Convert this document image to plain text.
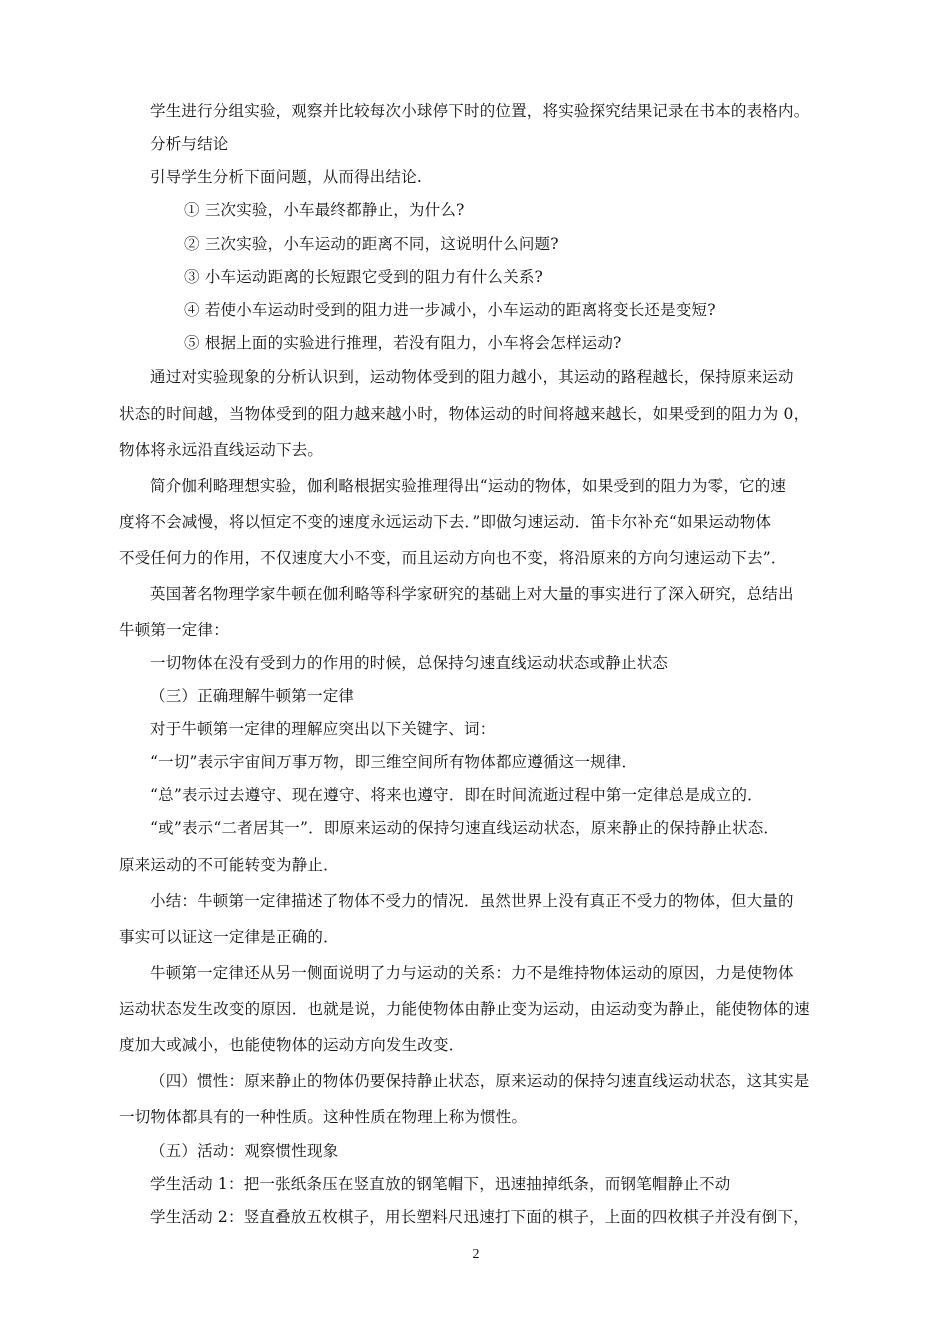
学生进行分组实验，观察并比较每次小球停下时的位置，将实验探究结果记录在书本的表格内。
分析与结论
引导学生分析下面问题，从而得出结论.
① 三次实验，小车最终都静止，为什么?
② 三次实验，小车运动的距离不同，这说明什么问题?
③ 小车运动距离的长短跟它受到的阻力有什么关系?
④ 若使小车运动时受到的阻力进一步减小，小车运动的距离将变长还是变短?
⑤ 根据上面的实验进行推理，若没有阻力，小车将会怎样运动?
通过对实验现象的分析认识到，运动物体受到的阻力越小，其运动的路程越长，保持原来运动
状态的时间越，当物体受到的阻力越来越小时，物体运动的时间将越来越长，如果受到的阻力为 0，
物体将永远沿直线运动下去。
简介伽利略理想实验，伽利略根据实验推理得出“运动的物体，如果受到的阻力为零，它的速
度将不会减慢，将以恒定不变的速度永远运动下去．”即做匀速运动．笛卡尔补充“如果运动物体
不受任何力的作用，不仅速度大小不变，而且运动方向也不变，将沿原来的方向匀速运动下去”．
英国著名物理学家牛顿在伽利略等科学家研究的基础上对大量的事实进行了深入研究，总结出
牛顿第一定律：
一切物体在没有受到力的作用的时候，总保持匀速直线运动状态或静止状态
（三）正确理解牛顿第一定律
对于牛顿第一定律的理解应突出以下关键字、词：
“一切”表示宇宙间万事万物，即三维空间所有物体都应遵循这一规律．
“总”表示过去遵守、现在遵守、将来也遵守．即在时间流逝过程中第一定律总是成立的．
“或”表示“二者居其一”．即原来运动的保持匀速直线运动状态，原来静止的保持静止状态．
原来运动的不可能转变为静止．
小结：牛顿第一定律描述了物体不受力的情况．虽然世界上没有真正不受力的物体，但大量的
事实可以证这一定律是正确的．
牛顿第一定律还从另一侧面说明了力与运动的关系：力不是维持物体运动的原因，力是使物体
运动状态发生改变的原因．也就是说，力能使物体由静止变为运动，由运动变为静止，能使物体的速
度加大或减小，也能使物体的运动方向发生改变．
（四）惯性：原来静止的物体仍要保持静止状态，原来运动的保持匀速直线运动状态，这其实是
一切物体都具有的一种性质。这种性质在物理上称为惯性。
（五）活动：观察惯性现象
学生活动 1：把一张纸条压在竖直放的钢笔帽下，迅速抽掉纸条，而钢笔帽静止不动
学生活动 2：竖直叠放五枚棋子，用长塑料尺迅速打下面的棋子，上面的四枚棋子并没有倒下，
2
